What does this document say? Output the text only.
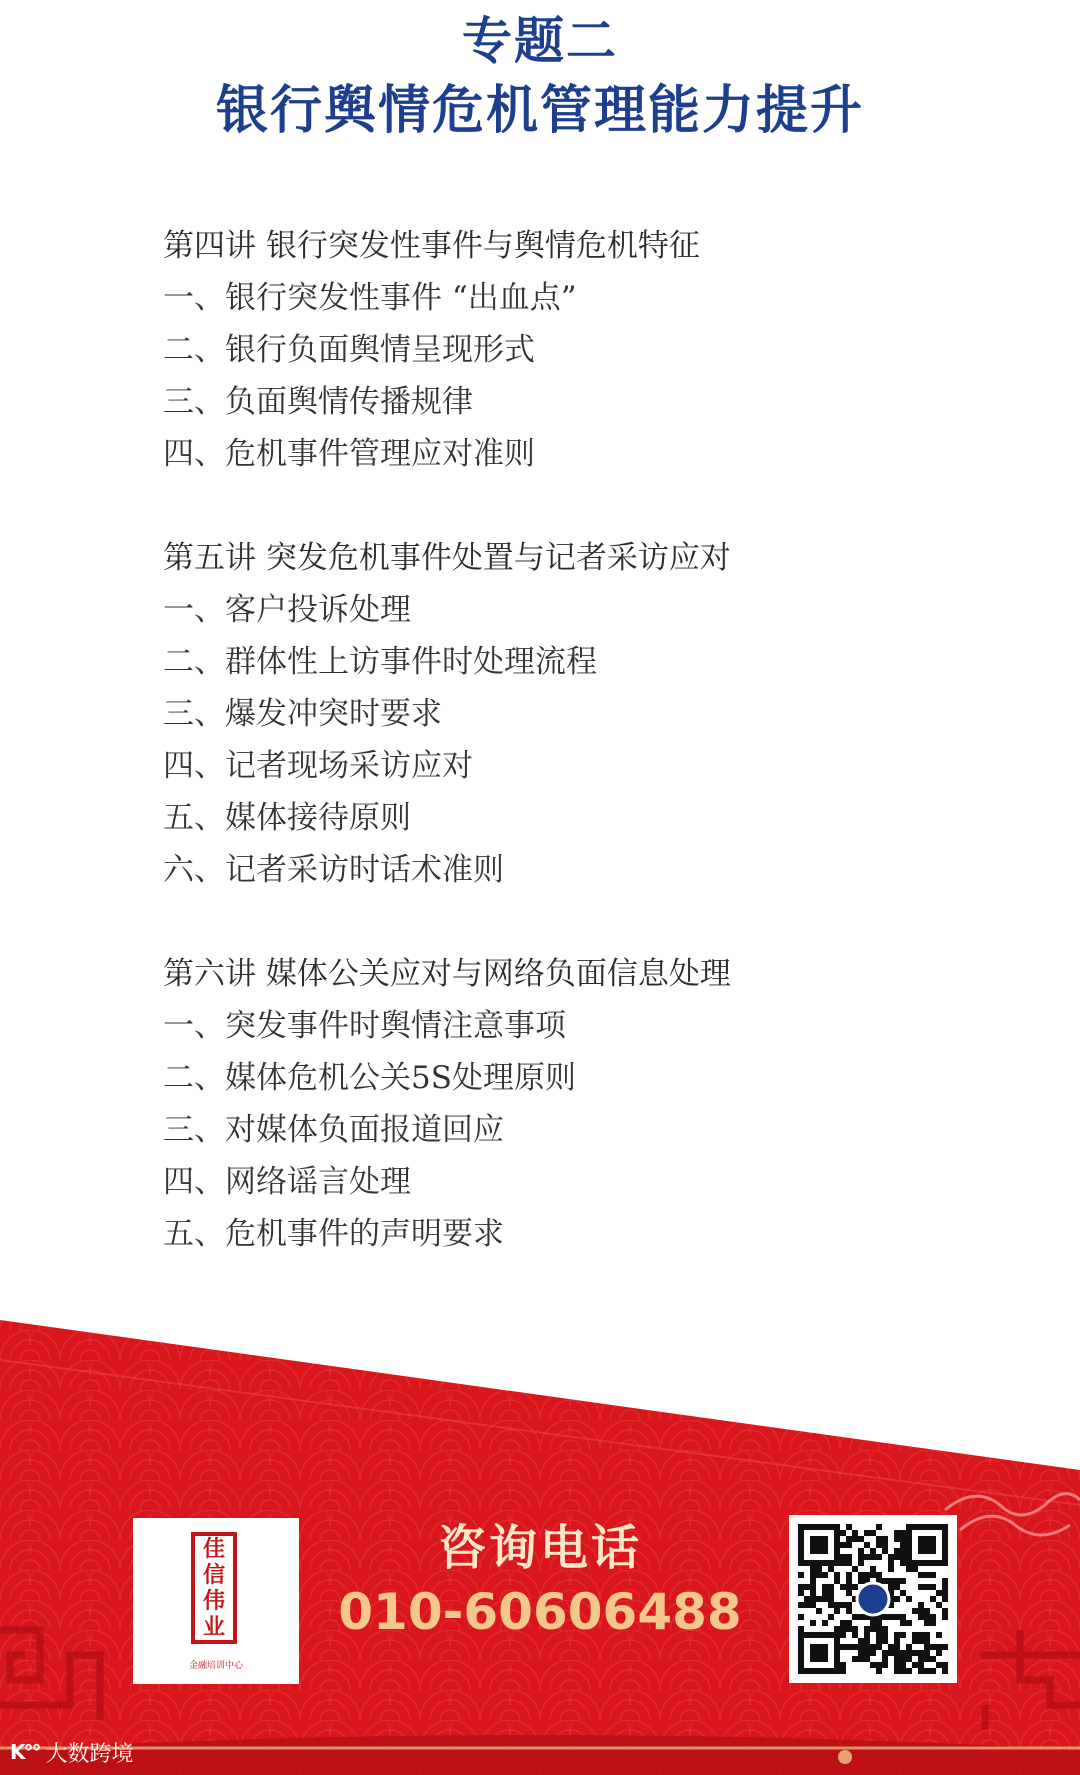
专题二
银行舆情危机管理能力提升
第四讲 银行突发性事件与舆情危机特征
一、银行突发性事件 “出血点”
二、银行负面舆情呈现形式
三、负面舆情传播规律
四、危机事件管理应对准则
第五讲 突发危机事件处置与记者采访应对
一、客户投诉处理
二、群体性上访事件时处理流程
三、爆发冲突时要求
四、记者现场采访应对
五、媒体接待原则
六、记者采访时话术准则
第六讲 媒体公关应对与网络负面信息处理
一、突发事件时舆情注意事项
二、媒体危机公关5S处理原则
三、对媒体负面报道回应
四、网络谣言处理
五、危机事件的声明要求
佳
信
伟
业
金融培训中心
咨询电话
010-60606488
K°° 大数跨境
